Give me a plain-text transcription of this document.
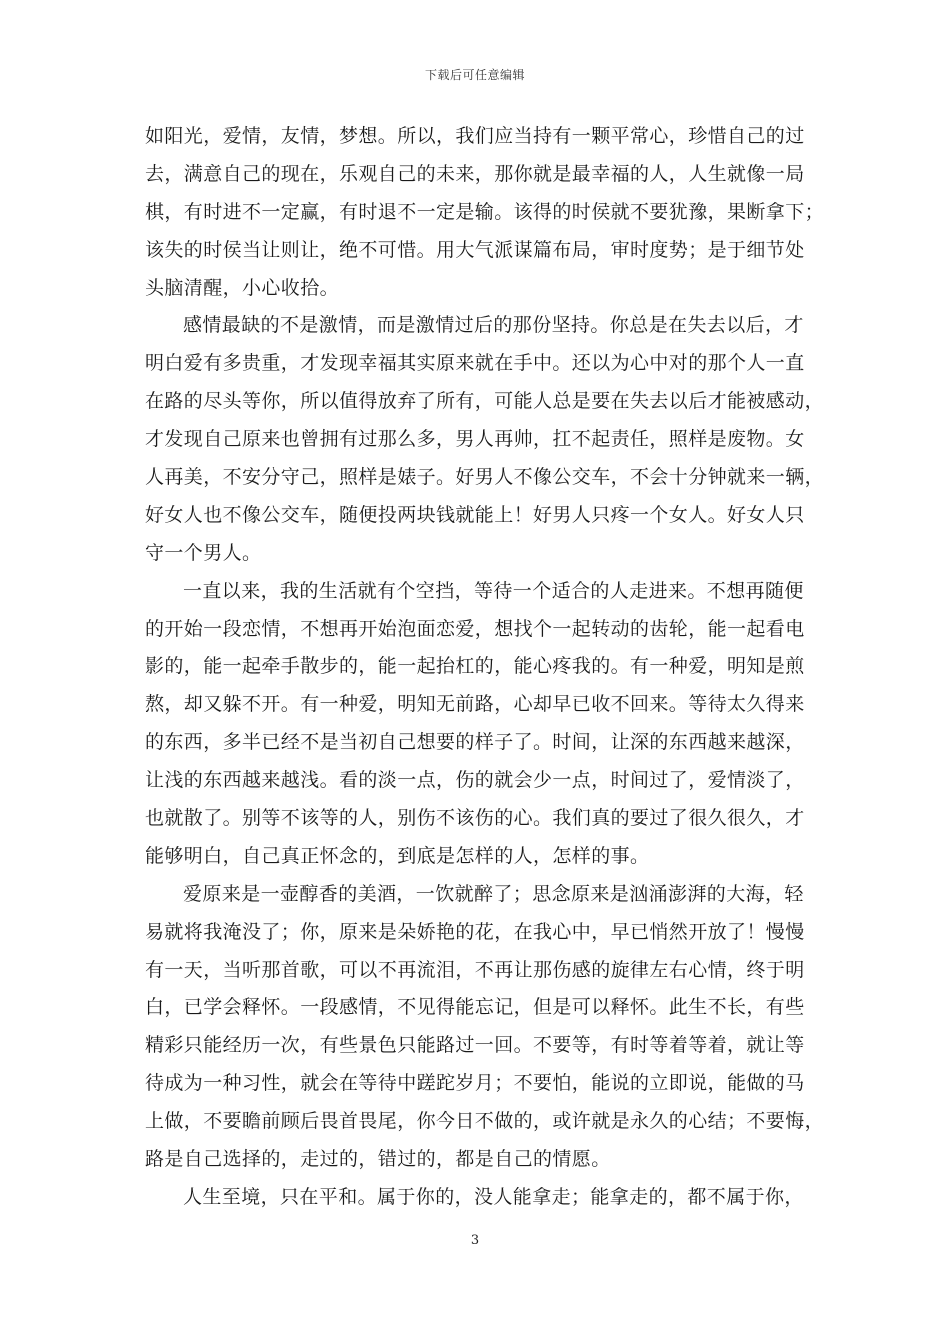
下载后可任意编辑
如阳光，爱情，友情，梦想。所以，我们应当持有一颗平常心，珍惜自己的过
去，满意自己的现在，乐观自己的未来，那你就是最幸福的人，人生就像一局
棋，有时进不一定赢，有时退不一定是输。该得的时侯就不要犹豫，果断拿下；
该失的时侯当让则让，绝不可惜。用大气派谋篇布局，审时度势；是于细节处
头脑清醒，小心收拾。
感情最缺的不是激情，而是激情过后的那份坚持。你总是在失去以后，才
明白爱有多贵重，才发现幸福其实原来就在手中。还以为心中对的那个人一直
在路的尽头等你，所以值得放弃了所有，可能人总是要在失去以后才能被感动，
才发现自己原来也曾拥有过那么多，男人再帅，扛不起责任，照样是废物。女
人再美，不安分守己，照样是婊子。好男人不像公交车，不会十分钟就来一辆，
好女人也不像公交车，随便投两块钱就能上！好男人只疼一个女人。好女人只
守一个男人。
一直以来，我的生活就有个空挡，等待一个适合的人走进来。不想再随便
的开始一段恋情，不想再开始泡面恋爱，想找个一起转动的齿轮，能一起看电
影的，能一起牵手散步的，能一起抬杠的，能心疼我的。有一种爱，明知是煎
熬，却又躲不开。有一种爱，明知无前路，心却早已收不回来。等待太久得来
的东西，多半已经不是当初自己想要的样子了。时间，让深的东西越来越深，
让浅的东西越来越浅。看的淡一点，伤的就会少一点，时间过了，爱情淡了，
也就散了。别等不该等的人，别伤不该伤的心。我们真的要过了很久很久，才
能够明白，自己真正怀念的，到底是怎样的人，怎样的事。
爱原来是一壶醇香的美酒，一饮就醉了；思念原来是汹涌澎湃的大海，轻
易就将我淹没了；你，原来是朵娇艳的花，在我心中，早已悄然开放了！慢慢
有一天，当听那首歌，可以不再流泪，不再让那伤感的旋律左右心情，终于明
白，已学会释怀。一段感情，不见得能忘记，但是可以释怀。此生不长，有些
精彩只能经历一次，有些景色只能路过一回。不要等，有时等着等着，就让等
待成为一种习性，就会在等待中蹉跎岁月；不要怕，能说的立即说，能做的马
上做，不要瞻前顾后畏首畏尾，你今日不做的，或许就是永久的心结；不要悔，
路是自己选择的，走过的，错过的，都是自己的情愿。
人生至境，只在平和。属于你的，没人能拿走；能拿走的，都不属于你，
3
